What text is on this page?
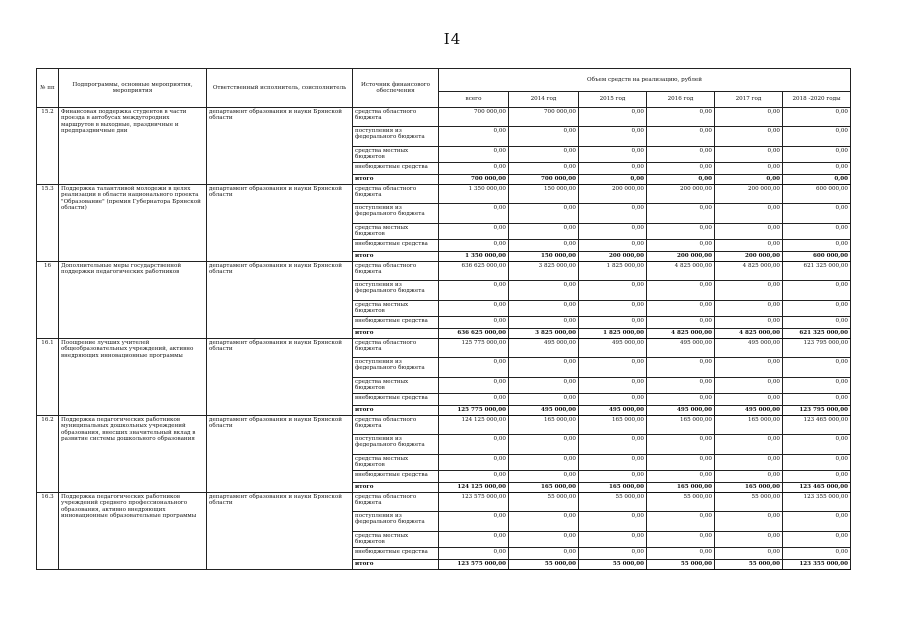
I4
№ пп	Подпрограммы, основные мероприятия, мероприятия	Ответственный исполнитель, соисполнитель	Источник финансового обеспечения	Объем средств на реализацию, рублей					
				всего	2014 год	2015 год	2016 год	2017 год	2018 -2020 годы
15.2	Финансовая поддержка студентов в части проезда в автобусах междугородних маршрутов в выходные, праздничные и предпраздничные дни	департамент образования и науки Брянской области	средства областного бюджета	700 000,00	700 000,00	0,00	0,00	0,00	0,00
			поступления из федерального бюджета	0,00	0,00	0,00	0,00	0,00	0,00
			средства местных бюджетов	0,00	0,00	0,00	0,00	0,00	0,00
			внебюджетные средства	0,00	0,00	0,00	0,00	0,00	0,00
			итого	700 000,00	700 000,00	0,00	0,00	0,00	0,00
15.3	Поддержка талантливой молодежи в целях реализации в области национального проекта "Образование" (премия Губернатора Брянской области)	департамент образования и науки Брянской области	средства областного бюджета	1 350 000,00	150 000,00	200 000,00	200 000,00	200 000,00	600 000,00
			поступления из федерального бюджета	0,00	0,00	0,00	0,00	0,00	0,00
			средства местных бюджетов	0,00	0,00	0,00	0,00	0,00	0,00
			внебюджетные средства	0,00	0,00	0,00	0,00	0,00	0,00
			итого	1 350 000,00	150 000,00	200 000,00	200 000,00	200 000,00	600 000,00
16	Дополнительные меры государственной поддержки педагогических работников	департамент образования и науки Брянской области	средства областного бюджета	636 625 000,00	3 825 000,00	1 825 000,00	4 825 000,00	4 825 000,00	621 325 000,00
			поступления из федерального бюджета	0,00	0,00	0,00	0,00	0,00	0,00
			средства местных бюджетов	0,00	0,00	0,00	0,00	0,00	0,00
			внебюджетные средства	0,00	0,00	0,00	0,00	0,00	0,00
			итого	636 625 000,00	3 825 000,00	1 825 000,00	4 825 000,00	4 825 000,00	621 325 000,00
16.1	Поощрение лучших учителей общеобразовательных учреждений, активно внедряющих инновационные программы	департамент образования и науки Брянской области	средства областного бюджета	125 775 000,00	495 000,00	495 000,00	495 000,00	495 000,00	123 795 000,00
			поступления из федерального бюджета	0,00	0,00	0,00	0,00	0,00	0,00
			средства местных бюджетов	0,00	0,00	0,00	0,00	0,00	0,00
			внебюджетные средства	0,00	0,00	0,00	0,00	0,00	0,00
			итого	125 775 000,00	495 000,00	495 000,00	495 000,00	495 000,00	123 795 000,00
16.2	Поддержка педагогических работников муниципальных дошкольных учреждений образования, внесших значительный вклад в развитие системы дошкольного образования	департамент образования и науки Брянской области	средства областного бюджета	124 125 000,00	165 000,00	165 000,00	165 000,00	165 000,00	123 465 000,00
			поступления из федерального бюджета	0,00	0,00	0,00	0,00	0,00	0,00
			средства местных бюджетов	0,00	0,00	0,00	0,00	0,00	0,00
			внебюджетные средства	0,00	0,00	0,00	0,00	0,00	0,00
			итого	124 125 000,00	165 000,00	165 000,00	165 000,00	165 000,00	123 465 000,00
16.3	Поддержка педагогических работников учреждений среднего профессионального образования, активно внедряющих инновационные образовательные программы	департамент образования и науки Брянской области	средства областного бюджета	123 575 000,00	55 000,00	55 000,00	55 000,00	55 000,00	123 355 000,00
			поступления из федерального бюджета	0,00	0,00	0,00	0,00	0,00	0,00
			средства местных бюджетов	0,00	0,00	0,00	0,00	0,00	0,00
			внебюджетные средства	0,00	0,00	0,00	0,00	0,00	0,00
			итого	123 575 000,00	55 000,00	55 000,00	55 000,00	55 000,00	123 355 000,00
